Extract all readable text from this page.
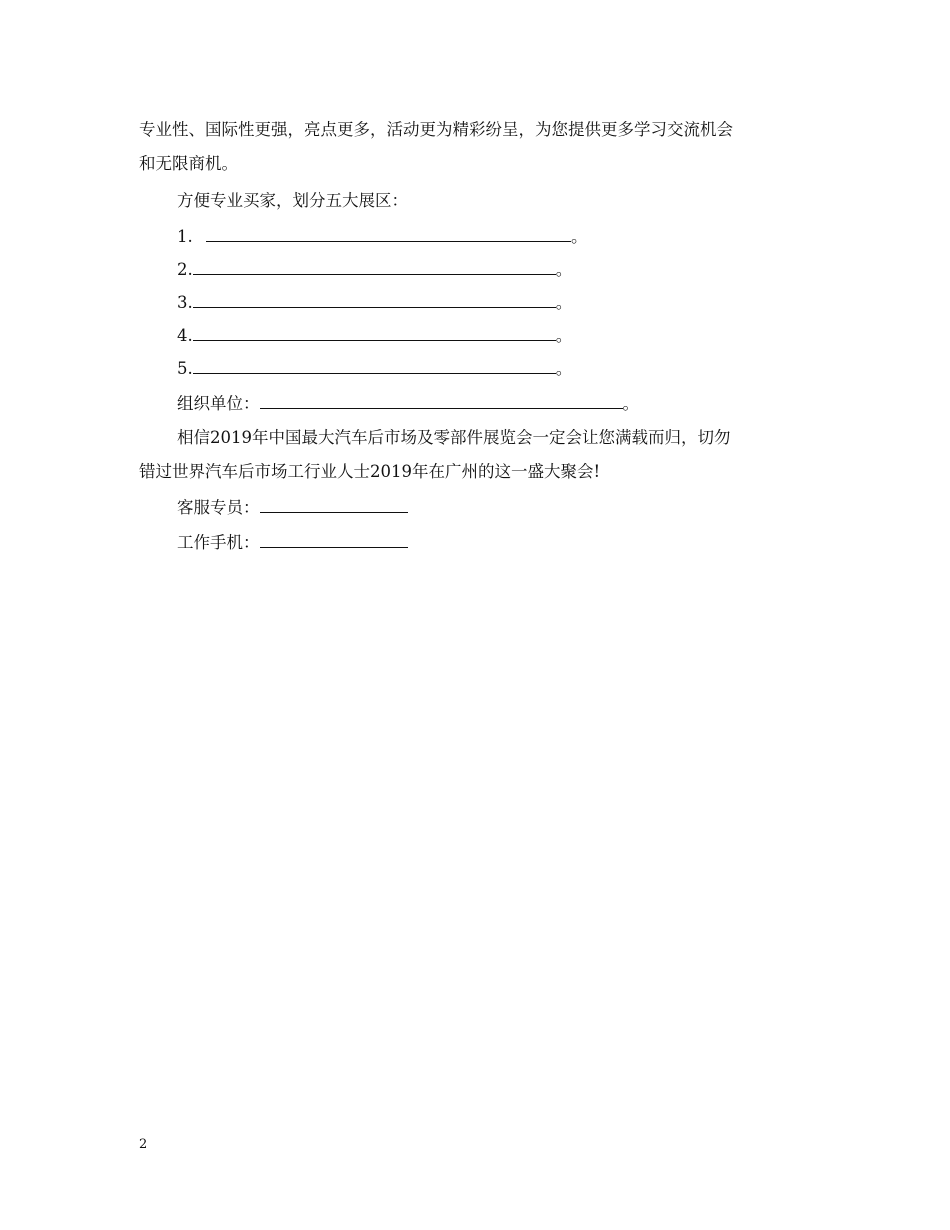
专业性、国际性更强，亮点更多，活动更为精彩纷呈，为您提供更多学习交流机会
和无限商机。
方便专业买家，划分五大展区：
1.	。
2.	。
3.	。
4.	。
5.	。
组织单位：	。
相信2019年中国最大汽车后市场及零部件展览会一定会让您满载而归，切勿
错过世界汽车后市场工行业人士2019年在广州的这一盛大聚会!
客服专员：
工作手机：
2
